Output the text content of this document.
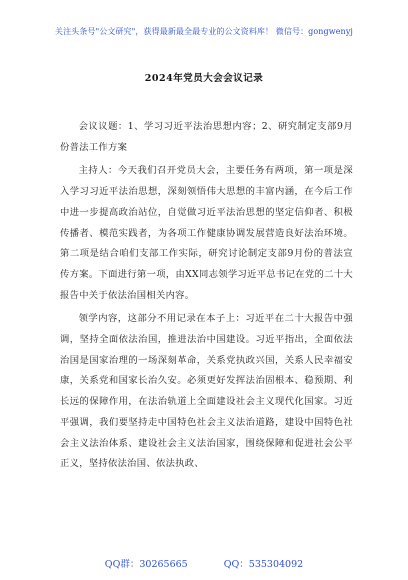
关注头条号"公文研究"，获得最新最全最专业的公文资料库！ 微信号：gongwenyj
2024年党员大会会议记录

会议议题：1、学习习近平法治思想内容；2、研究制定支部9月份普法工作方案

主持人：今天我们召开党员大会，主要任务有两项，第一项是深入学习习近平法治思想，深刻领悟伟大思想的丰富内涵，在今后工作中进一步提高政治站位，自觉做习近平法治思想的坚定信仰者、积极传播者、模范实践者，为各项工作健康协调发展营造良好法治环境。第二项是结合咱们支部工作实际，研究讨论制定支部9月份的普法宣传方案。下面进行第一项，由XX同志领学习近平总书记在党的二十大报告中关于依法治国相关内容。

领学内容，这部分不用记录在本子上：习近平在二十大报告中强调，坚持全面依法治国，推进法治中国建设。习近平指出，全面依法治国是国家治理的一场深刻革命，关系党执政兴国，关系人民幸福安康，关系党和国家长治久安。必须更好发挥法治固根本、稳预期、利长远的保障作用，在法治轨道上全面建设社会主义现代化国家。习近平强调，我们要坚持走中国特色社会主义法治道路，建设中国特色社会主义法治体系、建设社会主义法治国家，围绕保障和促进社会公平正义，坚持依法治国、依法执政、

QQ群：30265665	QQ：535304092
